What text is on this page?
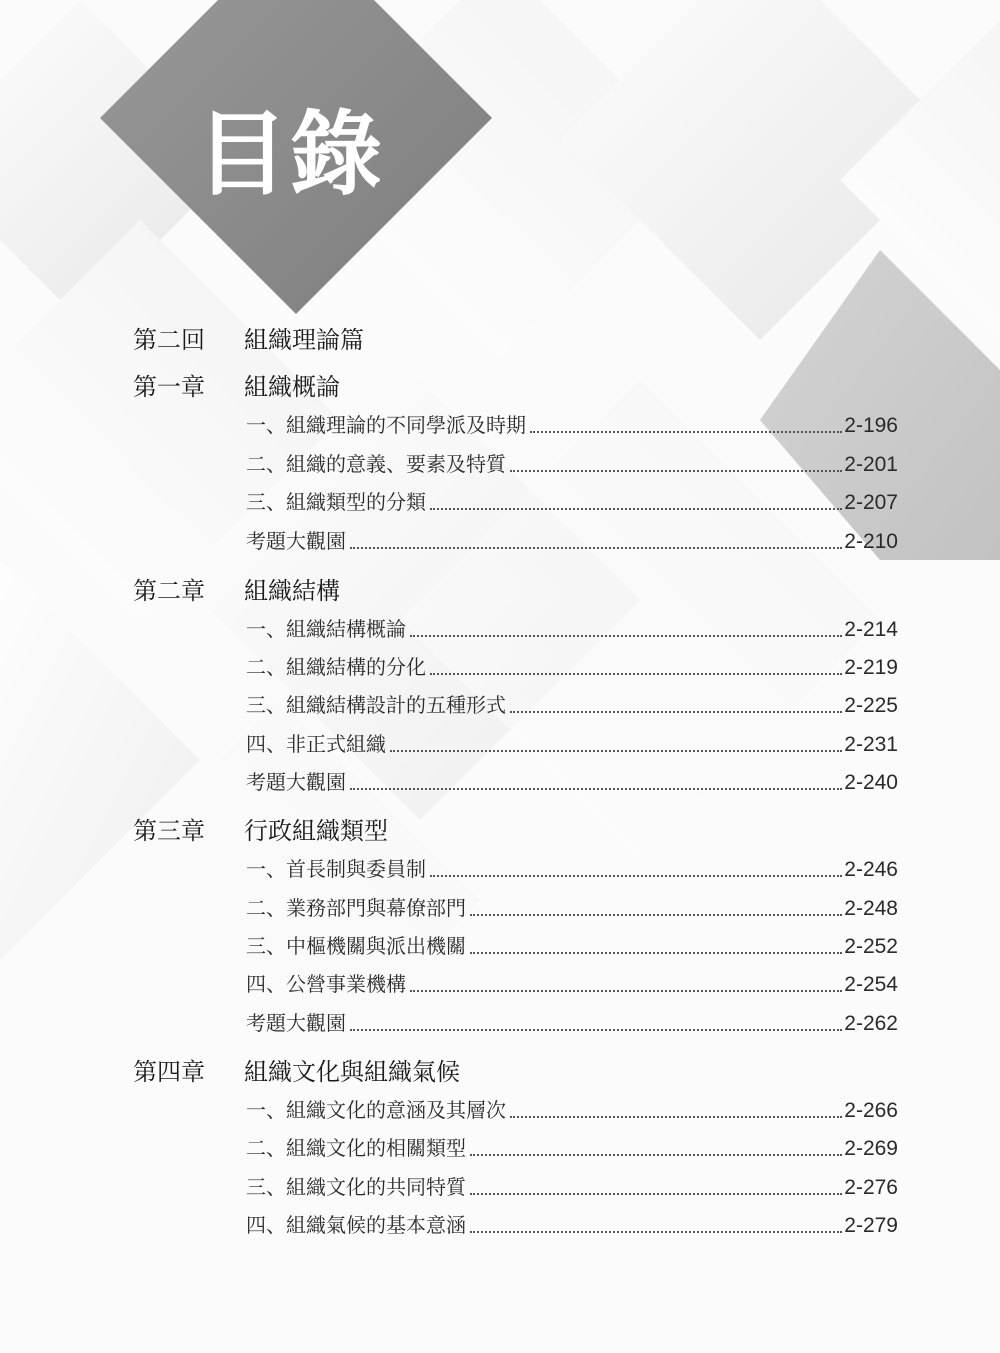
目錄
第二回 組織理論篇
第一章 組織概論
一、組織理論的不同學派及時期	2-196
二、組織的意義、要素及特質	2-201
三、組織類型的分類	2-207
考題大觀園	2-210
第二章 組織結構
一、組織結構概論	2-214
二、組織結構的分化	2-219
三、組織結構設計的五種形式	2-225
四、非正式組織	2-231
考題大觀園	2-240
第三章 行政組織類型
一、首長制與委員制	2-246
二、業務部門與幕僚部門	2-248
三、中樞機關與派出機關	2-252
四、公營事業機構	2-254
考題大觀園	2-262
第四章 組織文化與組織氣候
一、組織文化的意涵及其層次	2-266
二、組織文化的相關類型	2-269
三、組織文化的共同特質	2-276
四、組織氣候的基本意涵	2-279
